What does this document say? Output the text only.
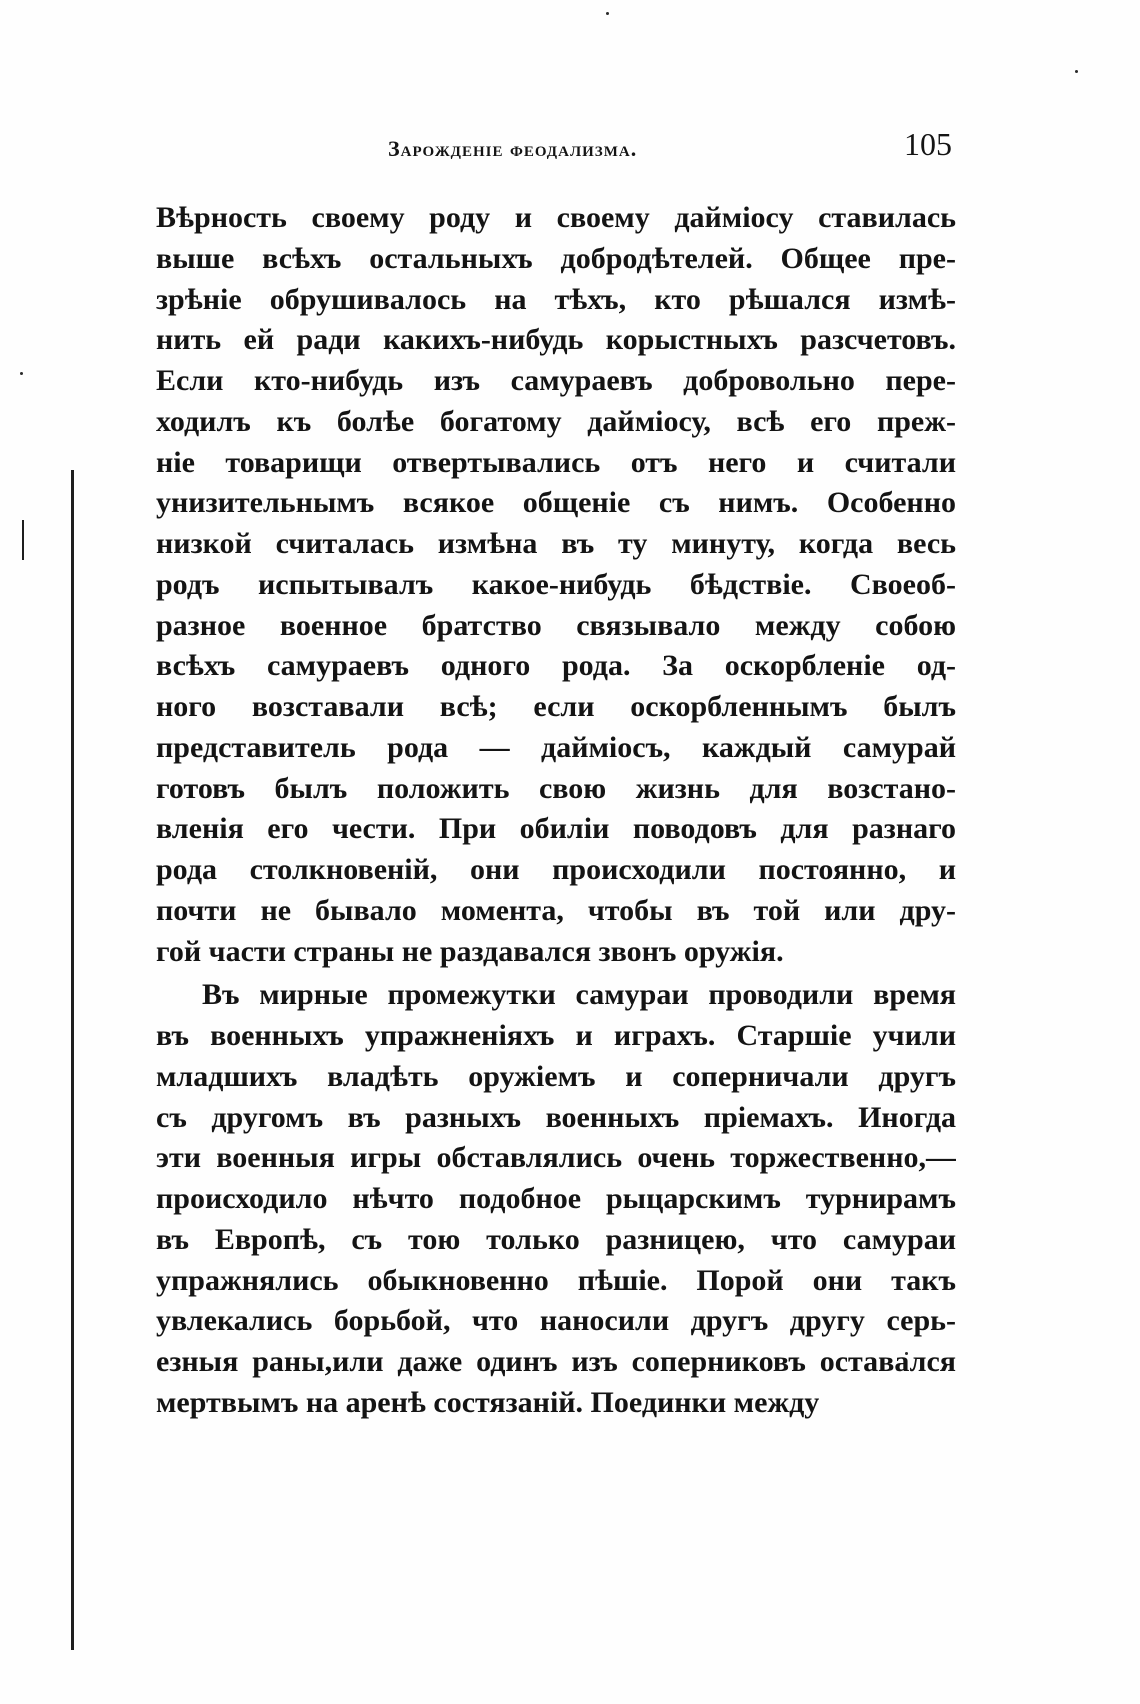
Зарожденіе феодализма.	105
Вѣрность своему роду и своему даймiосу ставилась
выше всѣхъ остальныхъ добродѣтелей. Общее пре-
зрѣнiе обрушивалось на тѣхъ, кто рѣшался измѣ-
нить ей ради какихъ-нибудь корыстныхъ разсчетовъ.
Если кто-нибудь изъ самураевъ добровольно пере-
ходилъ къ болѣе богатому даймiосу, всѣ его преж-
нiе товарищи отвертывались отъ него и считали
унизительнымъ всякое общенiе съ нимъ. Особенно
низкой считалась измѣна въ ту минуту, когда весь
родъ испытывалъ какое-нибудь бѣдствiе. Своеоб-
разное военное братство связывало между собою
всѣхъ самураевъ одного рода. За оскорбленiе од-
ного возставали всѣ; если оскорбленнымъ былъ
представитель рода — даймiосъ, каждый самурай
готовъ былъ положить свою жизнь для возстано-
вленiя его чести. При обилiи поводовъ для разнаго
рода столкновенiй, они происходили постоянно, и
почти не бывало момента, чтобы въ той или дру-
гой части страны не раздавался звонъ оружiя.
Въ мирные промежутки самураи проводили время
въ военныхъ упражненiяхъ и играхъ. Старшiе учили
младшихъ владѣть оружiемъ и соперничали другъ
съ другомъ въ разныхъ военныхъ прiемахъ. Иногда
эти военныя игры обставлялись очень торжественно,—
происходило нѣчто подобное рыцарскимъ турнирамъ
въ Европѣ, съ тою только разницею, что самураи
упражнялись обыкновенно пѣшiе. Порой они такъ
увлекались борьбой, что наносили другъ другу серь-
езныя раны,или даже одинъ изъ соперниковъ оставался
мертвымъ на аренѣ состязанiй. Поединки между
